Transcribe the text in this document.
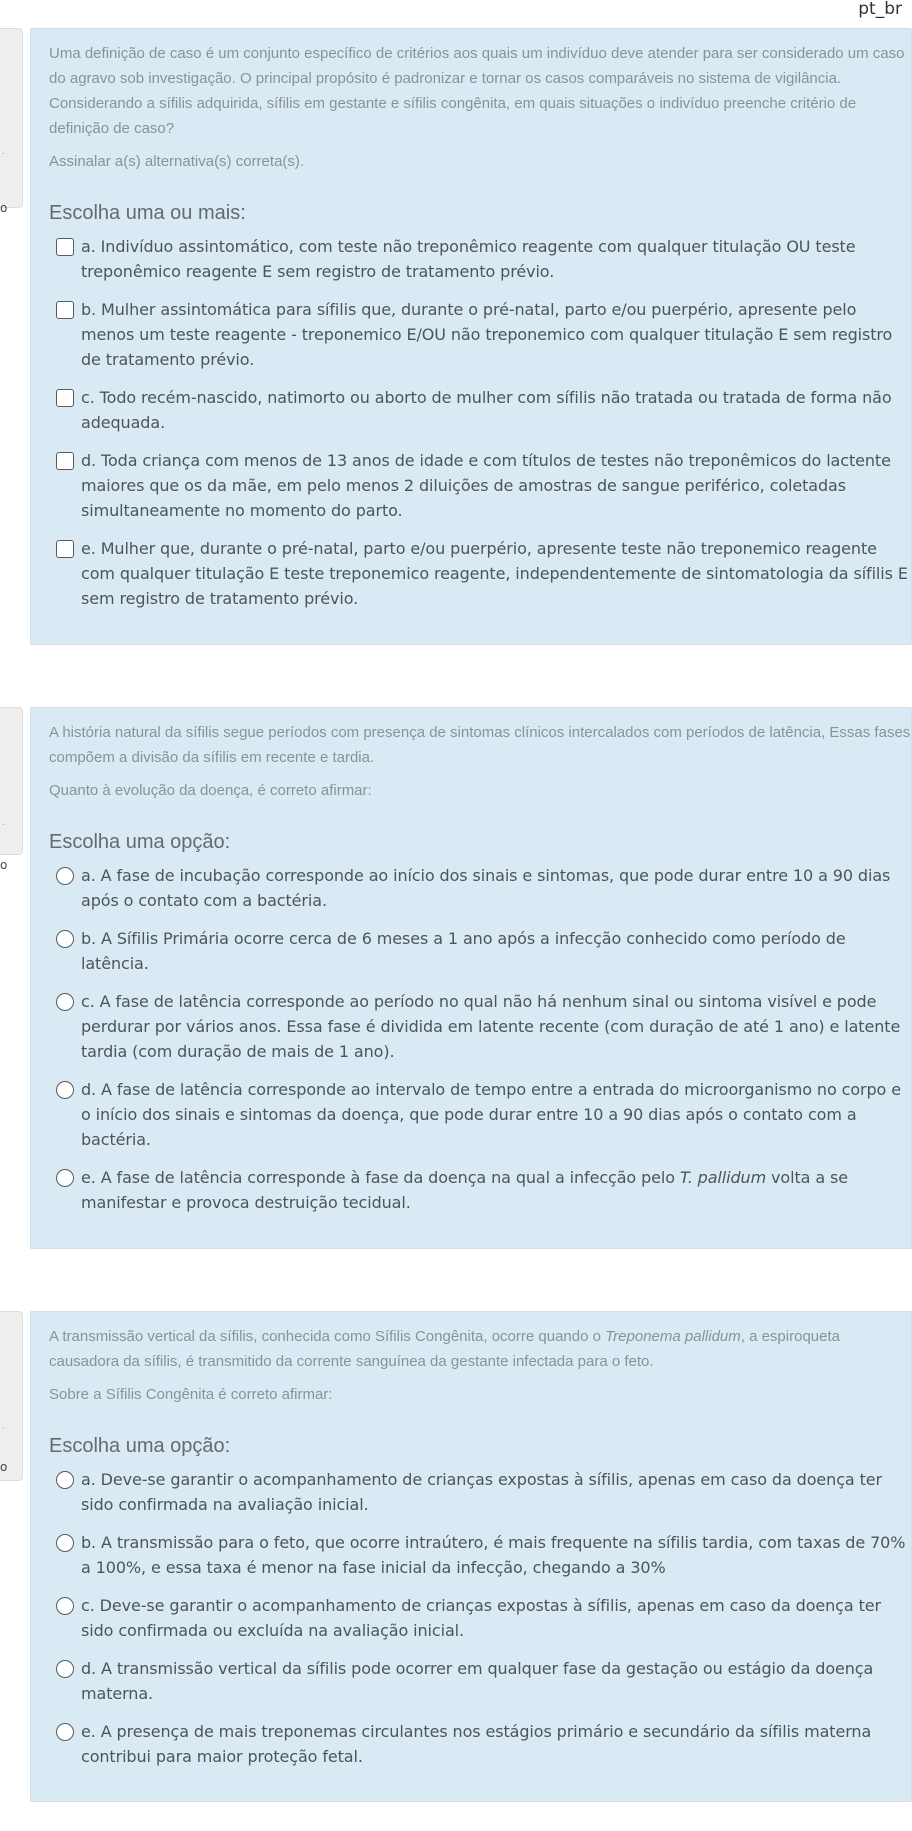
pt_br
.
o

Uma definição de caso é um conjunto específico de critérios aos quais um indivíduo deve atender para ser considerado um caso do agravo sob investigação. O principal propósito é padronizar e tornar os casos comparáveis no sistema de vigilância. Considerando a sífilis adquirida, sífilis em gestante e sífilis congênita, em quais situações o indivíduo preenche critério de definição de caso?

Assinalar a(s) alternativa(s) correta(s).

Escolha uma ou mais:
a. Indivíduo assintomático, com teste não treponêmico reagente com qualquer titulação OU teste treponêmico reagente E sem registro de tratamento prévio.
b. Mulher assintomática para sífilis que, durante o pré-natal, parto e/ou puerpério, apresente pelo menos um teste reagente - treponemico E/OU não treponemico com qualquer titulação E sem registro de tratamento prévio.
c. Todo recém-nascido, natimorto ou aborto de mulher com sífilis não tratada ou tratada de forma não adequada.
d. Toda criança com menos de 13 anos de idade e com títulos de testes não treponêmicos do lactente maiores que os da mãe, em pelo menos 2 diluições de amostras de sangue periférico, coletadas simultaneamente no momento do parto.
e. Mulher que, durante o pré-natal, parto e/ou puerpério, apresente teste não treponemico reagente com qualquer titulação E teste treponemico reagente, independentemente de sintomatologia da sífilis E sem registro de tratamento prévio.
.
o

A história natural da sífilis segue períodos com presença de sintomas clínicos intercalados com períodos de latência, Essas fases compõem a divisão da sífilis em recente e tardia.

Quanto à evolução da doença, é correto afirmar:

Escolha uma opção:
a. A fase de incubação corresponde ao início dos sinais e sintomas, que pode durar entre 10 a 90 dias após o contato com a bactéria.
b. A Sífilis Primária ocorre cerca de 6 meses a 1 ano após a infecção conhecido como período de latência.
c. A fase de latência corresponde ao período no qual não há nenhum sinal ou sintoma visível e pode perdurar por vários anos. Essa fase é dividida em latente recente (com duração de até 1 ano) e latente tardia (com duração de mais de 1 ano).
d. A fase de latência corresponde ao intervalo de tempo entre a entrada do microorganismo no corpo e o início dos sinais e sintomas da doença, que pode durar entre 10 a 90 dias após o contato com a bactéria.
e. A fase de latência corresponde à fase da doença na qual a infecção pelo T. pallidum volta a se manifestar e provoca destruição tecidual.
.
o

A transmissão vertical da sífilis, conhecida como Sífilis Congênita, ocorre quando o Treponema pallidum, a espiroqueta causadora da sífilis, é transmitido da corrente sanguínea da gestante infectada para o feto.

Sobre a Sífilis Congênita é correto afirmar:

Escolha uma opção:
a. Deve-se garantir o acompanhamento de crianças expostas à sífilis, apenas em caso da doença ter sido confirmada na avaliação inicial.
b. A transmissão para o feto, que ocorre intraútero, é mais frequente na sífilis tardia, com taxas de 70% a 100%, e essa taxa é menor na fase inicial da infecção, chegando a 30%
c. Deve-se garantir o acompanhamento de crianças expostas à sífilis, apenas em caso da doença ter sido confirmada ou excluída na avaliação inicial.
d. A transmissão vertical da sífilis pode ocorrer em qualquer fase da gestação ou estágio da doença materna.
e. A presença de mais treponemas circulantes nos estágios primário e secundário da sífilis materna contribui para maior proteção fetal.
